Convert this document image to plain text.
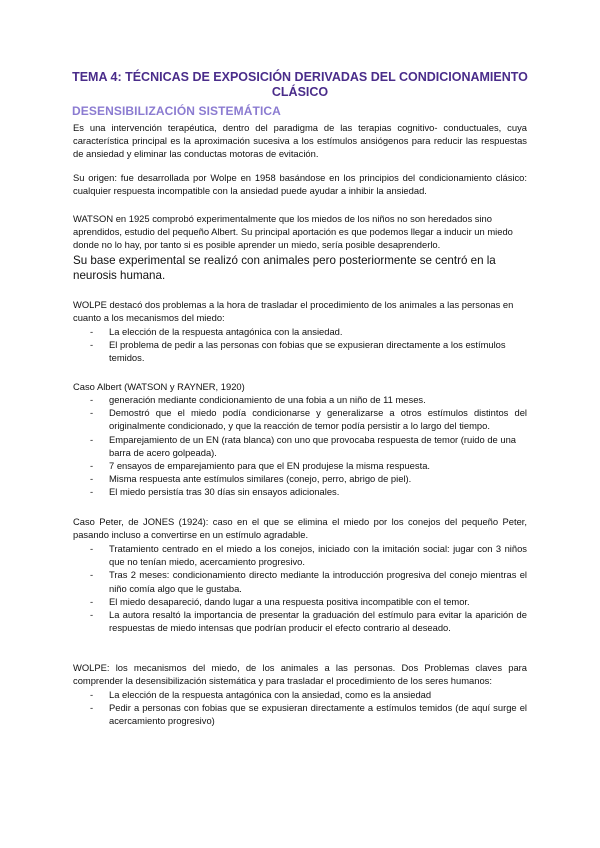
TEMA 4: TÉCNICAS DE EXPOSICIÓN DERIVADAS DEL CONDICIONAMIENTO CLÁSICO
DESENSIBILIZACIÓN SISTEMÁTICA
Es una intervención terapéutica, dentro del paradigma de las terapias cognitivo- conductuales, cuya característica principal es la aproximación sucesiva a los estímulos ansiógenos para reducir las respuestas de ansiedad y eliminar las conductas motoras de evitación.
Su origen: fue desarrollada por Wolpe en 1958 basándose en los principios del condicionamiento clásico: cualquier respuesta incompatible con la ansiedad puede ayudar a inhibir la ansiedad.
WATSON en 1925 comprobó experimentalmente que los miedos de los niños no son heredados sino aprendidos, estudio del pequeño Albert. Su principal aportación es que podemos llegar a inducir un miedo donde no lo hay, por tanto si es posible aprender un miedo, sería posible desaprenderlo.
Su base experimental se realizó con animales pero posteriormente se centró en la neurosis humana.
WOLPE destacó dos problemas a la hora de trasladar el procedimiento de los animales a las personas en cuanto a los mecanismos del miedo:
- La elección de la respuesta antagónica con la ansiedad.
- El problema de pedir a las personas con fobias que se expusieran directamente a los estímulos temidos.
Caso Albert (WATSON y RAYNER, 1920)
- generación mediante condicionamiento de una fobia a un niño de 11 meses.
- Demostró que el miedo podía condicionarse y generalizarse a otros estímulos distintos del originalmente condicionado, y que la reacción de temor podía persistir a lo largo del tiempo.
- Emparejamiento de un EN (rata blanca) con uno que provocaba respuesta de temor (ruido de una barra de acero golpeada).
- 7 ensayos de emparejamiento para que el EN produjese la misma respuesta.
- Misma respuesta ante estímulos similares (conejo, perro, abrigo de piel).
- El miedo persistía tras 30 días sin ensayos adicionales.
Caso Peter, de JONES (1924): caso en el que se elimina el miedo por los conejos del pequeño Peter, pasando incluso a convertirse en un estímulo agradable.
- Tratamiento centrado en el miedo a los conejos, iniciado con la imitación social: jugar con 3 niños que no tenían miedo, acercamiento progresivo.
- Tras 2 meses: condicionamiento directo mediante la introducción progresiva del conejo mientras el niño comía algo que le gustaba.
- El miedo desapareció, dando lugar a una respuesta positiva incompatible con el temor.
- La autora resaltó la importancia de presentar la graduación del estímulo para evitar la aparición de respuestas de miedo intensas que podrían producir el efecto contrario al deseado.
WOLPE: los mecanismos del miedo, de los animales a las personas. Dos Problemas claves para comprender la desensibilización sistemática y para trasladar el procedimiento de los seres humanos:
- La elección de la respuesta antagónica con la ansiedad, como es la ansiedad
- Pedir a personas con fobias que se expusieran directamente a estímulos temidos (de aquí surge el acercamiento progresivo)
